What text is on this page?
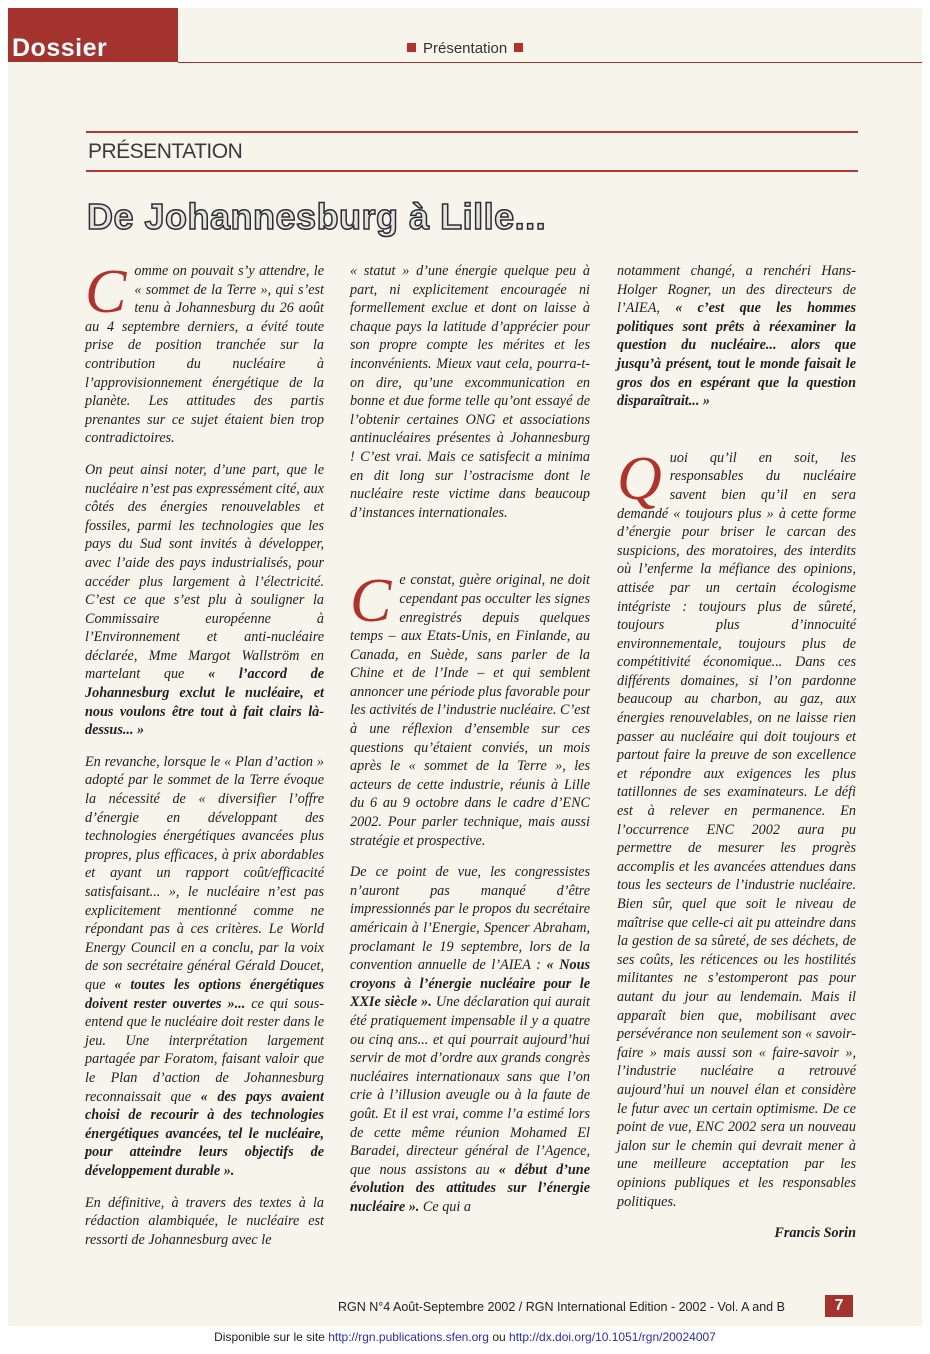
Dossier	Présentation
PRÉSENTATION
De Johannesburg à Lille...

Comme on pouvait s’y attendre, le « sommet de la Terre », qui s’est tenu à Johannesburg du 26 août au 4 septembre derniers, a évité toute prise de position tranchée sur la contribution du nucléaire à l’approvisionnement énergétique de la planète. Les attitudes des partis prenantes sur ce sujet étaient bien trop contradictoires.

On peut ainsi noter, d’une part, que le nucléaire n’est pas expressément cité, aux côtés des énergies renouvelables et fossiles, parmi les technologies que les pays du Sud sont invités à développer, avec l’aide des pays industrialisés, pour accéder plus largement à l’électricité. C’est ce que s’est plu à souligner la Commissaire européenne à l’Environnement et anti-nucléaire déclarée, Mme Margot Wallström en martelant que « l’accord de Johannesburg exclut le nucléaire, et nous voulons être tout à fait clairs là-dessus... »

En revanche, lorsque le « Plan d’action » adopté par le sommet de la Terre évoque la nécessité de « diversifier l’offre d’énergie en développant des technologies énergétiques avancées plus propres, plus efficaces, à prix abordables et ayant un rapport coût/efficacité satisfaisant... », le nucléaire n’est pas explicitement mentionné comme ne répondant pas à ces critères. Le World Energy Council en a conclu, par la voix de son secrétaire général Gérald Doucet, que « toutes les options énergétiques doivent rester ouvertes »... ce qui sous-entend que le nucléaire doit rester dans le jeu. Une interprétation largement partagée par Foratom, faisant valoir que le Plan d’action de Johannesburg reconnaissait que « des pays avaient choisi de recourir à des technologies énergétiques avancées, tel le nucléaire, pour atteindre leurs objectifs de développement durable ».

En définitive, à travers des textes à la rédaction alambiquée, le nucléaire est ressorti de Johannesburg avec le

« statut » d’une énergie quelque peu à part, ni explicitement encouragée ni formellement exclue et dont on laisse à chaque pays la latitude d’apprécier pour son propre compte les mérites et les inconvénients. Mieux vaut cela, pourra-t-on dire, qu’une excommunication en bonne et due forme telle qu’ont essayé de l’obtenir certaines ONG et associations antinucléaires présentes à Johannesburg ! C’est vrai. Mais ce satisfecit a minima en dit long sur l’ostracisme dont le nucléaire reste victime dans beaucoup d’instances internationales.

Ce constat, guère original, ne doit cependant pas occulter les signes enregistrés depuis quelques temps – aux Etats-Unis, en Finlande, au Canada, en Suède, sans parler de la Chine et de l’Inde – et qui semblent annoncer une période plus favorable pour les activités de l’industrie nucléaire. C’est à une réflexion d’ensemble sur ces questions qu’étaient conviés, un mois après le « sommet de la Terre », les acteurs de cette industrie, réunis à Lille du 6 au 9 octobre dans le cadre d’ENC 2002. Pour parler technique, mais aussi stratégie et prospective.

De ce point de vue, les congressistes n’auront pas manqué d’être impressionnés par le propos du secrétaire américain à l’Energie, Spencer Abraham, proclamant le 19 septembre, lors de la convention annuelle de l’AIEA : « Nous croyons à l’énergie nucléaire pour le XXIe siècle ». Une déclaration qui aurait été pratiquement impensable il y a quatre ou cinq ans... et qui pourrait aujourd’hui servir de mot d’ordre aux grands congrès nucléaires internationaux sans que l’on crie à l’illusion aveugle ou à la faute de goût. Et il est vrai, comme l’a estimé lors de cette même réunion Mohamed El Baradei, directeur général de l’Agence, que nous assistons au « début d’une évolution des attitudes sur l’énergie nucléaire ». Ce qui a

notamment changé, a renchéri Hans-Holger Rogner, un des directeurs de l’AIEA, « c’est que les hommes politiques sont prêts à réexaminer la question du nucléaire... alors que jusqu’à présent, tout le monde faisait le gros dos en espérant que la question disparaîtrait... »

Quoi qu’il en soit, les responsables du nucléaire savent bien qu’il en sera demandé « toujours plus » à cette forme d’énergie pour briser le carcan des suspicions, des moratoires, des interdits où l’enferme la méfiance des opinions, attisée par un certain écologisme intégriste : toujours plus de sûreté, toujours plus d’innocuité environnementale, toujours plus de compétitivité économique... Dans ces différents domaines, si l’on pardonne beaucoup au charbon, au gaz, aux énergies renouvelables, on ne laisse rien passer au nucléaire qui doit toujours et partout faire la preuve de son excellence et répondre aux exigences les plus tatillonnes de ses examinateurs. Le défi est à relever en permanence. En l’occurrence ENC 2002 aura pu permettre de mesurer les progrès accomplis et les avancées attendues dans tous les secteurs de l’industrie nucléaire. Bien sûr, quel que soit le niveau de maîtrise que celle-ci ait pu atteindre dans la gestion de sa sûreté, de ses déchets, de ses coûts, les réticences ou les hostilités militantes ne s’estomperont pas pour autant du jour au lendemain. Mais il apparaît bien que, mobilisant avec persévérance non seulement son « savoir-faire » mais aussi son « faire-savoir », l’industrie nucléaire a retrouvé aujourd’hui un nouvel élan et considère le futur avec un certain optimisme. De ce point de vue, ENC 2002 sera un nouveau jalon sur le chemin qui devrait mener à une meilleure acceptation par les opinions publiques et les responsables politiques.

Francis Sorin
RGN N°4 Août-Septembre 2002 / RGN International Edition - 2002 - Vol. A and B	7
Disponible sur le site http://rgn.publications.sfen.org ou http://dx.doi.org/10.1051/rgn/20024007
